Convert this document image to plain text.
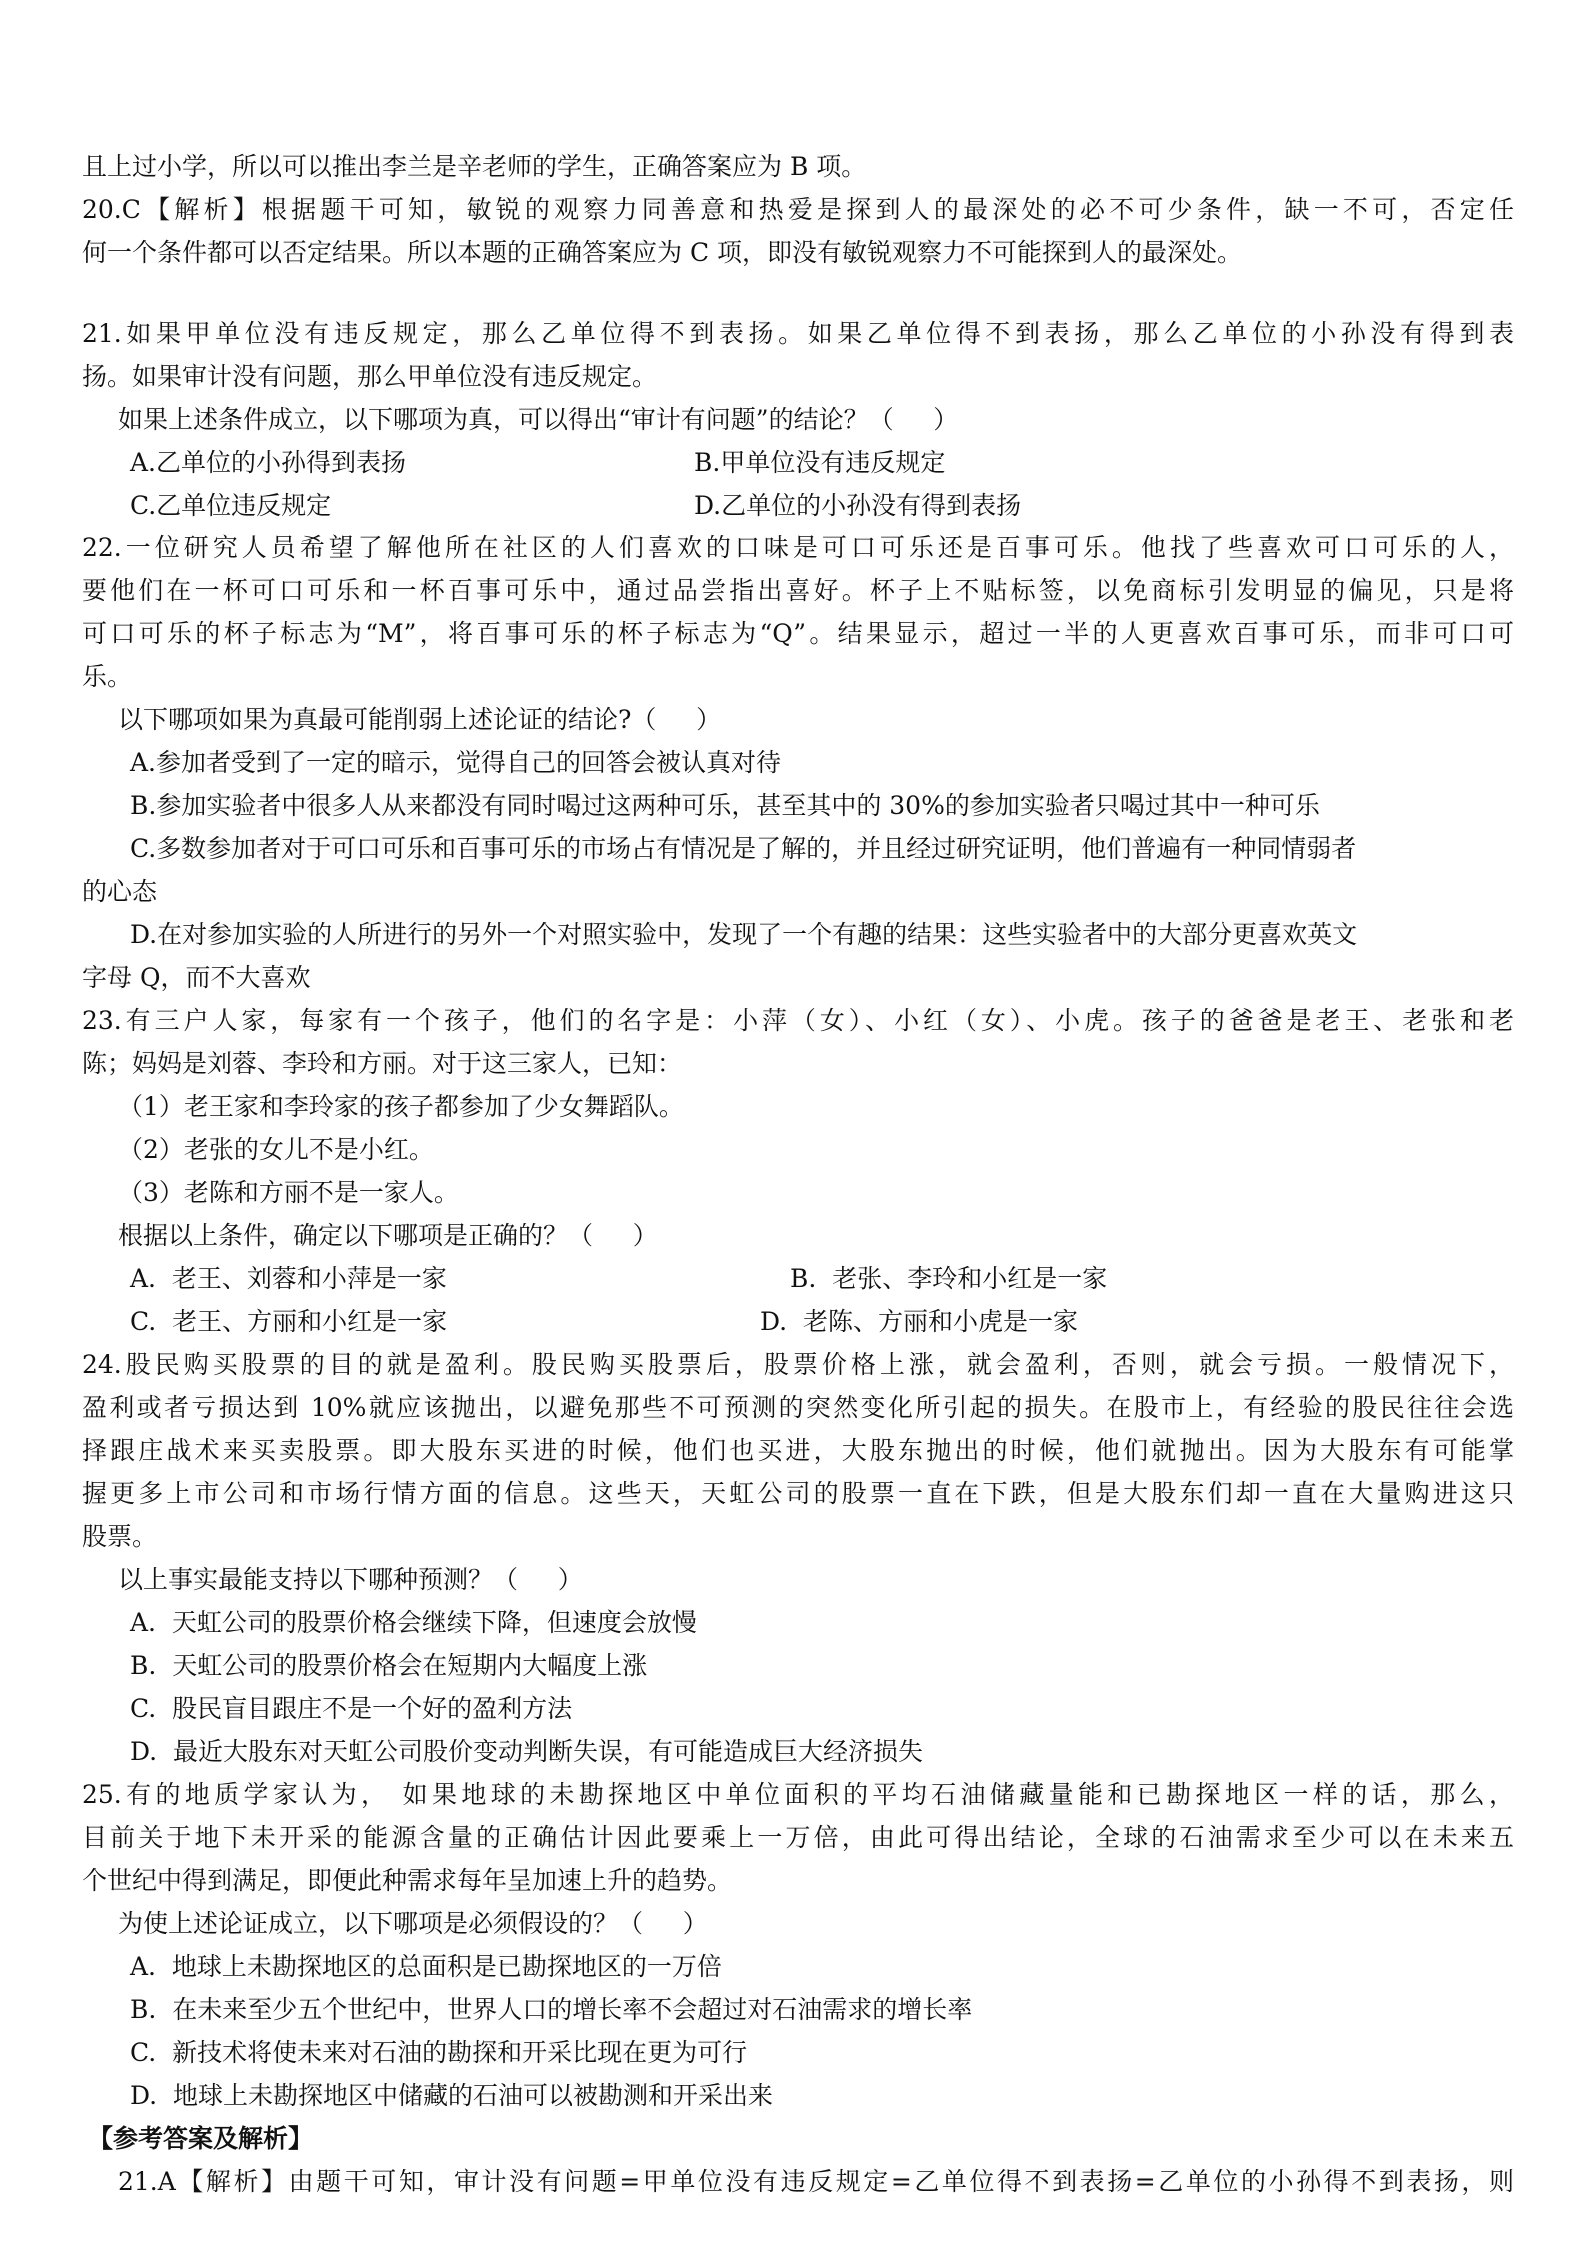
且上过小学，所以可以推出李兰是辛老师的学生，正确答案应为 B 项。
20.C【解析】根据题干可知，敏锐的观察力同善意和热爱是探到人的最深处的必不可少条件，缺一不可，否定任
何一个条件都可以否定结果。所以本题的正确答案应为 C 项，即没有敏锐观察力不可能探到人的最深处。
21.如果甲单位没有违反规定，那么乙单位得不到表扬。如果乙单位得不到表扬，那么乙单位的小孙没有得到表
扬。如果审计没有问题，那么甲单位没有违反规定。
如果上述条件成立，以下哪项为真，可以得出“审计有问题”的结论？（     ）
A.乙单位的小孙得到表扬	B.甲单位没有违反规定
C.乙单位违反规定	D.乙单位的小孙没有得到表扬
22.一位研究人员希望了解他所在社区的人们喜欢的口味是可口可乐还是百事可乐。他找了些喜欢可口可乐的人，
要他们在一杯可口可乐和一杯百事可乐中，通过品尝指出喜好。杯子上不贴标签，以免商标引发明显的偏见，只是将
可口可乐的杯子标志为“M”，将百事可乐的杯子标志为“Q”。结果显示，超过一半的人更喜欢百事可乐，而非可口可
乐。
以下哪项如果为真最可能削弱上述论证的结论?（     ）
A.参加者受到了一定的暗示，觉得自己的回答会被认真对待
B.参加实验者中很多人从来都没有同时喝过这两种可乐，甚至其中的 30%的参加实验者只喝过其中一种可乐
C.多数参加者对于可口可乐和百事可乐的市场占有情况是了解的，并且经过研究证明，他们普遍有一种同情弱者
的心态
D.在对参加实验的人所进行的另外一个对照实验中，发现了一个有趣的结果：这些实验者中的大部分更喜欢英文
字母 Q，而不大喜欢
23.有三户人家，每家有一个孩子，他们的名字是：小萍（女）、小红（女）、小虎。孩子的爸爸是老王、老张和老
陈；妈妈是刘蓉、李玲和方丽。对于这三家人，已知：
（1）老王家和李玲家的孩子都参加了少女舞蹈队。
（2）老张的女儿不是小红。
（3）老陈和方丽不是一家人。
根据以上条件，确定以下哪项是正确的？（     ）
A.  老王、刘蓉和小萍是一家	B.  老张、李玲和小红是一家
C.  老王、方丽和小红是一家	D.  老陈、方丽和小虎是一家
24.股民购买股票的目的就是盈利。股民购买股票后，股票价格上涨，就会盈利，否则，就会亏损。一般情况下，
盈利或者亏损达到 10%就应该抛出，以避免那些不可预测的突然变化所引起的损失。在股市上，有经验的股民往往会选
择跟庄战术来买卖股票。即大股东买进的时候，他们也买进，大股东抛出的时候，他们就抛出。因为大股东有可能掌
握更多上市公司和市场行情方面的信息。这些天，天虹公司的股票一直在下跌，但是大股东们却一直在大量购进这只
股票。
以上事实最能支持以下哪种预测？（     ）
A.  天虹公司的股票价格会继续下降，但速度会放慢
B.  天虹公司的股票价格会在短期内大幅度上涨
C.  股民盲目跟庄不是一个好的盈利方法
D.  最近大股东对天虹公司股价变动判断失误，有可能造成巨大经济损失
25.有的地质学家认为， 如果地球的未勘探地区中单位面积的平均石油储藏量能和已勘探地区一样的话，那么，
目前关于地下未开采的能源含量的正确估计因此要乘上一万倍，由此可得出结论，全球的石油需求至少可以在未来五
个世纪中得到满足，即便此种需求每年呈加速上升的趋势。
为使上述论证成立，以下哪项是必须假设的？（     ）
A.  地球上未勘探地区的总面积是已勘探地区的一万倍
B.  在未来至少五个世纪中，世界人口的增长率不会超过对石油需求的增长率
C.  新技术将使未来对石油的勘探和开采比现在更为可行
D.  地球上未勘探地区中储藏的石油可以被勘测和开采出来
【参考答案及解析】
21.A【解析】由题干可知，审计没有问题=甲单位没有违反规定=乙单位得不到表扬=乙单位的小孙得不到表扬，则
